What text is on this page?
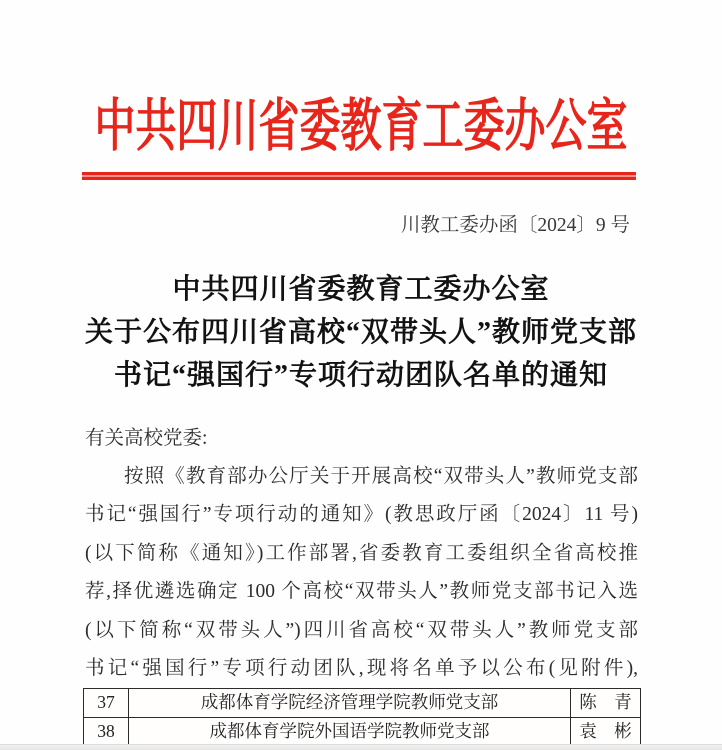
中共四川省委教育工委办公室
川教工委办函〔2024〕9 号
中共四川省委教育工委办公室
关于公布四川省高校“双带头人”教师党支部
书记“强国行”专项行动团队名单的通知
有关高校党委:
按照《教育部办公厅关于开展高校“双带头人”教师党支部
书记“强国行”专项行动的通知》(教思政厅函〔2024〕11 号)
(以下简称《通知》)工作部署,省委教育工委组织全省高校推
荐,择优遴选确定 100 个高校“双带头人”教师党支部书记入选
(以下简称“双带头人”)四川省高校“双带头人”教师党支部
书记“强国行”专项行动团队,现将名单予以公布(见附件),
37	成都体育学院经济管理学院教师党支部	陈　青
38	成都体育学院外国语学院教师党支部	袁　彬
